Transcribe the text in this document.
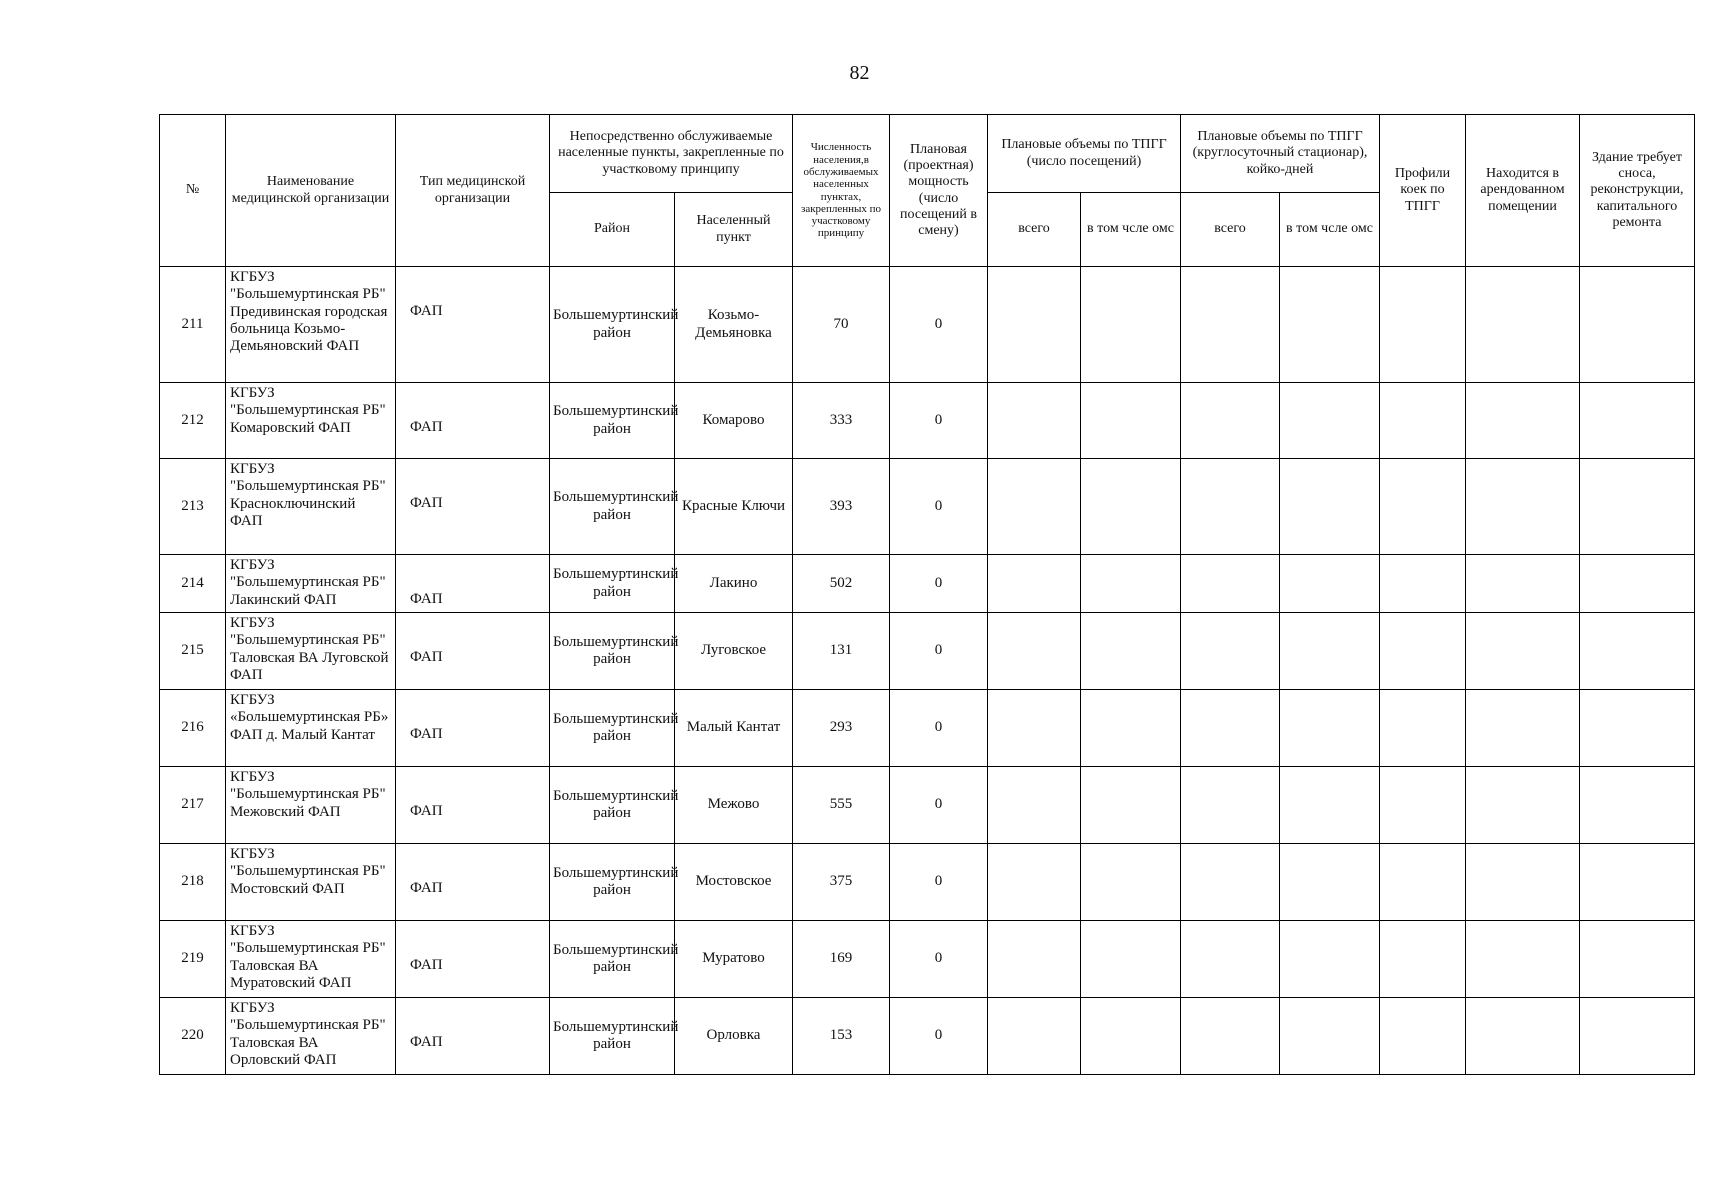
82
№	Наименование медицинской организации	Тип медицинской организации	Непосредственно обслуживаемые населенные пункты, закрепленные по участковому принципу		Численность населения,в обслуживаемых населенных пунктах, закрепленных по участковому принципу	Плановая (проектная) мощность (число посещений в смену)	Плановые объемы по ТПГГ (число посещений)		Плановые объемы по ТПГГ (круглосуточный стационар), койко-дней		Профили коек по ТПГГ	Находится в арендованном помещении	Здание требует сноса, реконструкции, капитального ремонта
			Район	Населенный пункт			всего	в том чсле омс	всего	в том чсле омс			
211	КГБУЗ "Большемуртинская РБ" Предивинская городская больница Козьмо-Демьяновский ФАП	ФАП	Большемуртинский район	Козьмо-Демьяновка	70	0							
212	КГБУЗ "Большемуртинская РБ" Комаровский ФАП	ФАП	Большемуртинский район	Комарово	333	0							
213	КГБУЗ "Большемуртинская РБ" Красноключинский ФАП	ФАП	Большемуртинский район	Красные Ключи	393	0							
214	КГБУЗ "Большемуртинская РБ" Лакинский ФАП	ФАП	Большемуртинский район	Лакино	502	0							
215	КГБУЗ "Большемуртинская РБ" Таловская ВА Луговской ФАП	ФАП	Большемуртинский район	Луговское	131	0							
216	КГБУЗ «Большемуртинская РБ» ФАП д. Малый Кантат	ФАП	Большемуртинский район	Малый Кантат	293	0							
217	КГБУЗ "Большемуртинская РБ" Межовский ФАП	ФАП	Большемуртинский район	Межово	555	0							
218	КГБУЗ "Большемуртинская РБ" Мостовский ФАП	ФАП	Большемуртинский район	Мостовское	375	0							
219	КГБУЗ "Большемуртинская РБ" Таловская ВА Муратовский ФАП	ФАП	Большемуртинский район	Муратово	169	0							
220	КГБУЗ "Большемуртинская РБ" Таловская ВА Орловский ФАП	ФАП	Большемуртинский район	Орловка	153	0							
